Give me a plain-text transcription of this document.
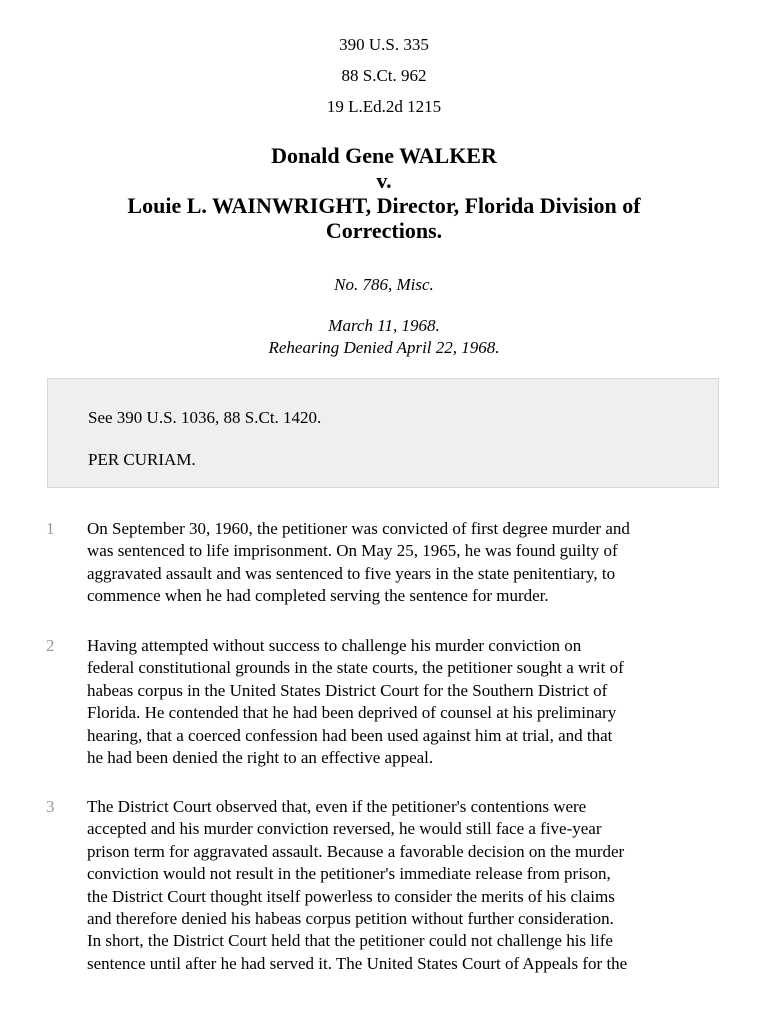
390 U.S. 335
88 S.Ct. 962
19 L.Ed.2d 1215
Donald Gene WALKER
v.
Louie L. WAINWRIGHT, Director, Florida Division of
Corrections.
No. 786, Misc.
March 11, 1968.
Rehearing Denied April 22, 1968.
See 390 U.S. 1036, 88 S.Ct. 1420.
PER CURIAM.
1 On September 30, 1960, the petitioner was convicted of first degree murder and
was sentenced to life imprisonment. On May 25, 1965, he was found guilty of
aggravated assault and was sentenced to five years in the state penitentiary, to
commence when he had completed serving the sentence for murder.
2 Having attempted without success to challenge his murder conviction on
federal constitutional grounds in the state courts, the petitioner sought a writ of
habeas corpus in the United States District Court for the Southern District of
Florida. He contended that he had been deprived of counsel at his preliminary
hearing, that a coerced confession had been used against him at trial, and that
he had been denied the right to an effective appeal.
3 The District Court observed that, even if the petitioner's contentions were
accepted and his murder conviction reversed, he would still face a five-year
prison term for aggravated assault. Because a favorable decision on the murder
conviction would not result in the petitioner's immediate release from prison,
the District Court thought itself powerless to consider the merits of his claims
and therefore denied his habeas corpus petition without further consideration.
In short, the District Court held that the petitioner could not challenge his life
sentence until after he had served it. The United States Court of Appeals for the
